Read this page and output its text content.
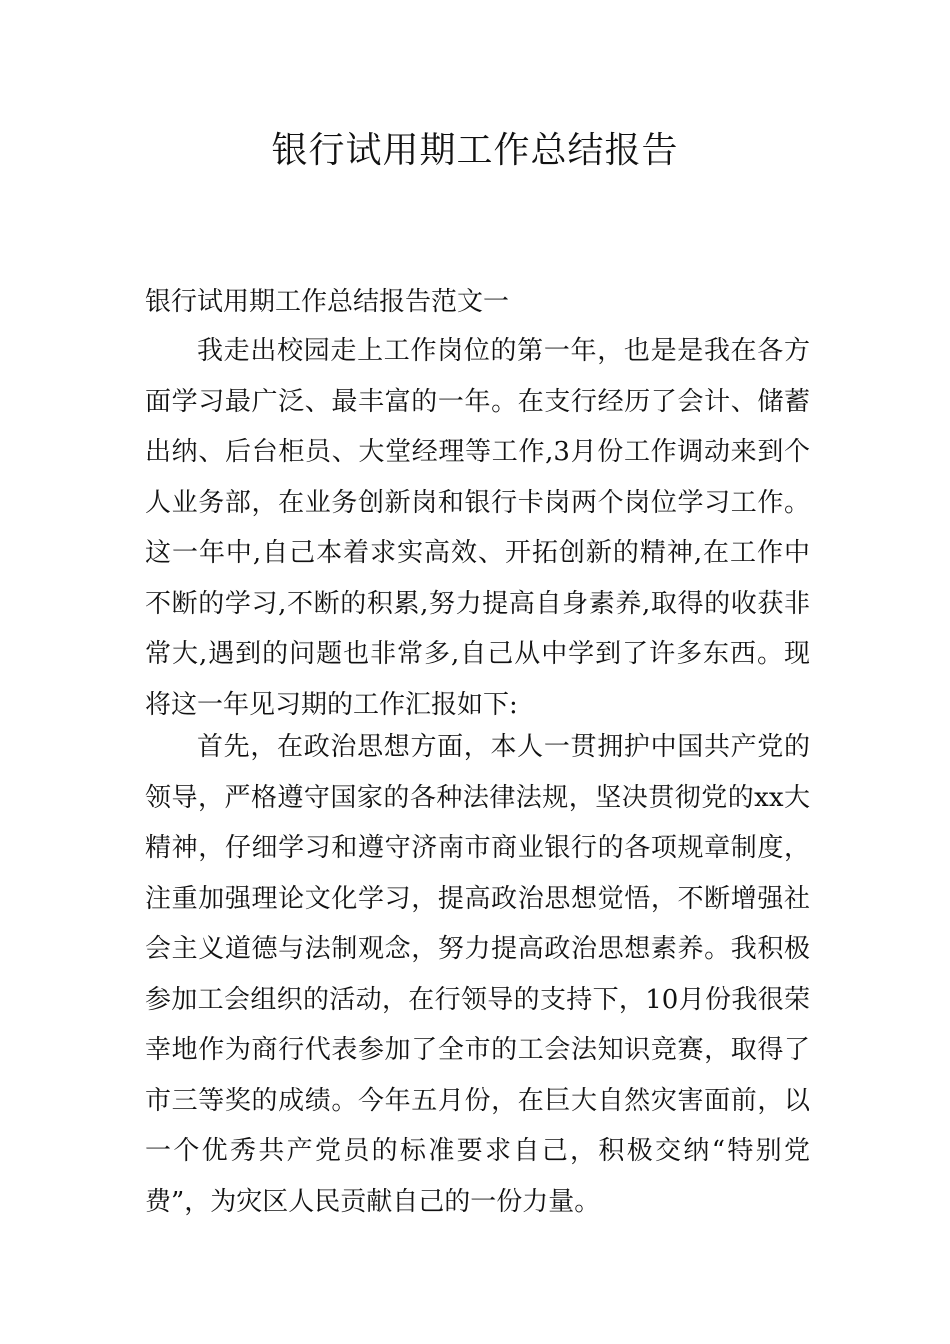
银行试用期工作总结报告

银行试用期工作总结报告范文一

我走出校园走上工作岗位的第一年，也是是我在各方
面学习最广泛、最丰富的一年。在支行经历了会计、储蓄
出纳、后台柜员、大堂经理等工作,3月份工作调动来到个
人业务部，在业务创新岗和银行卡岗两个岗位学习工作。
这一年中,自己本着求实高效、开拓创新的精神,在工作中
不断的学习,不断的积累,努力提高自身素养,取得的收获非
常大,遇到的问题也非常多,自己从中学到了许多东西。现
将这一年见习期的工作汇报如下:
首先，在政治思想方面，本人一贯拥护中国共产党的
领导，严格遵守国家的各种法律法规，坚决贯彻党的xx大
精神，仔细学习和遵守济南市商业银行的各项规章制度，
注重加强理论文化学习，提高政治思想觉悟，不断增强社
会主义道德与法制观念，努力提高政治思想素养。我积极
参加工会组织的活动，在行领导的支持下，10月份我很荣
幸地作为商行代表参加了全市的工会法知识竞赛，取得了
市三等奖的成绩。今年五月份，在巨大自然灾害面前，以
一个优秀共产党员的标准要求自己，积极交纳“特别党
费”，为灾区人民贡献自己的一份力量。
